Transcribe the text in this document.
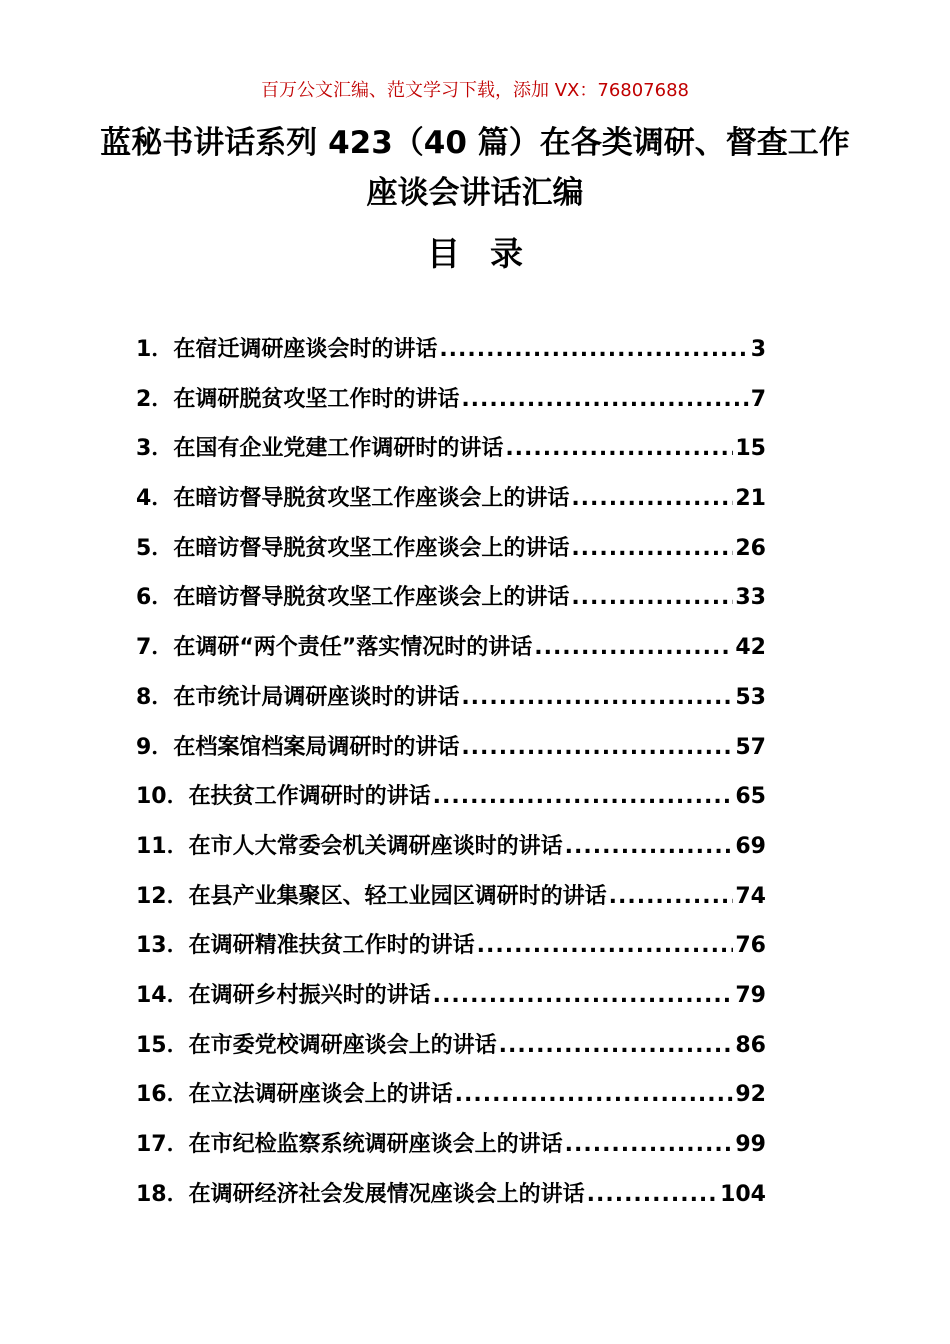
百万公文汇编、范文学习下载，添加 VX：76807688
蓝秘书讲话系列 423（40 篇）在各类调研、督查工作座谈会讲话汇编
目录
1． 在宿迁调研座谈会时的讲话 .....	3
2． 在调研脱贫攻坚工作时的讲话 .....	7
3． 在国有企业党建工作调研时的讲话 .....	15
4． 在暗访督导脱贫攻坚工作座谈会上的讲话 .....	21
5． 在暗访督导脱贫攻坚工作座谈会上的讲话 .....	26
6． 在暗访督导脱贫攻坚工作座谈会上的讲话 .....	33
7． 在调研“两个责任”落实情况时的讲话 .....	42
8． 在市统计局调研座谈时的讲话 .....	53
9． 在档案馆档案局调研时的讲话 .....	57
10． 在扶贫工作调研时的讲话 .....	65
11． 在市人大常委会机关调研座谈时的讲话 .....	69
12． 在县产业集聚区、轻工业园区调研时的讲话 .....	74
13． 在调研精准扶贫工作时的讲话 .....	76
14． 在调研乡村振兴时的讲话 .....	79
15． 在市委党校调研座谈会上的讲话 .....	86
16． 在立法调研座谈会上的讲话 .....	92
17． 在市纪检监察系统调研座谈会上的讲话 .....	99
18． 在调研经济社会发展情况座谈会上的讲话 .....	104
